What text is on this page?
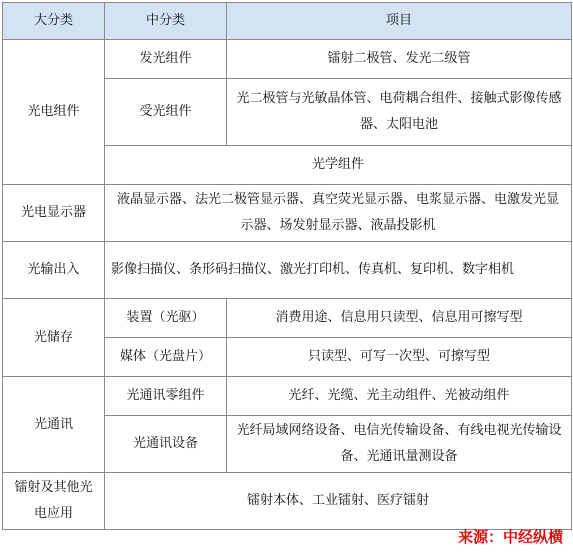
大分类	中分类	项目
光电组件	发光组件	镭射二极管、发光二级管
	受光组件	光二极管与光敏晶体管、电荷耦合组件、接触式影像传感器、太阳电池
	光学组件	
光电显示器	液晶显示器、法光二极管显示器、真空荧光显示器、电浆显示器、电激发光显示器、场发射显示器、液晶投影机	
光输出入	影像扫描仪、条形码扫描仪、激光打印机、传真机、复印机、数字相机	
光储存	装置（光驱）	消费用途、信息用只读型、信息用可擦写型
	媒体（光盘片）	只读型、可写一次型、可擦写型
光通讯	光通讯零组件	光纤、光缆、光主动组件、光被动组件
	光通讯设备	光纤局域网络设备、电信光传输设备、有线电视光传输设备、光通讯量测设备
镭射及其他光电应用	镭射本体、工业镭射、医疗镭射	
来源：中经纵横
